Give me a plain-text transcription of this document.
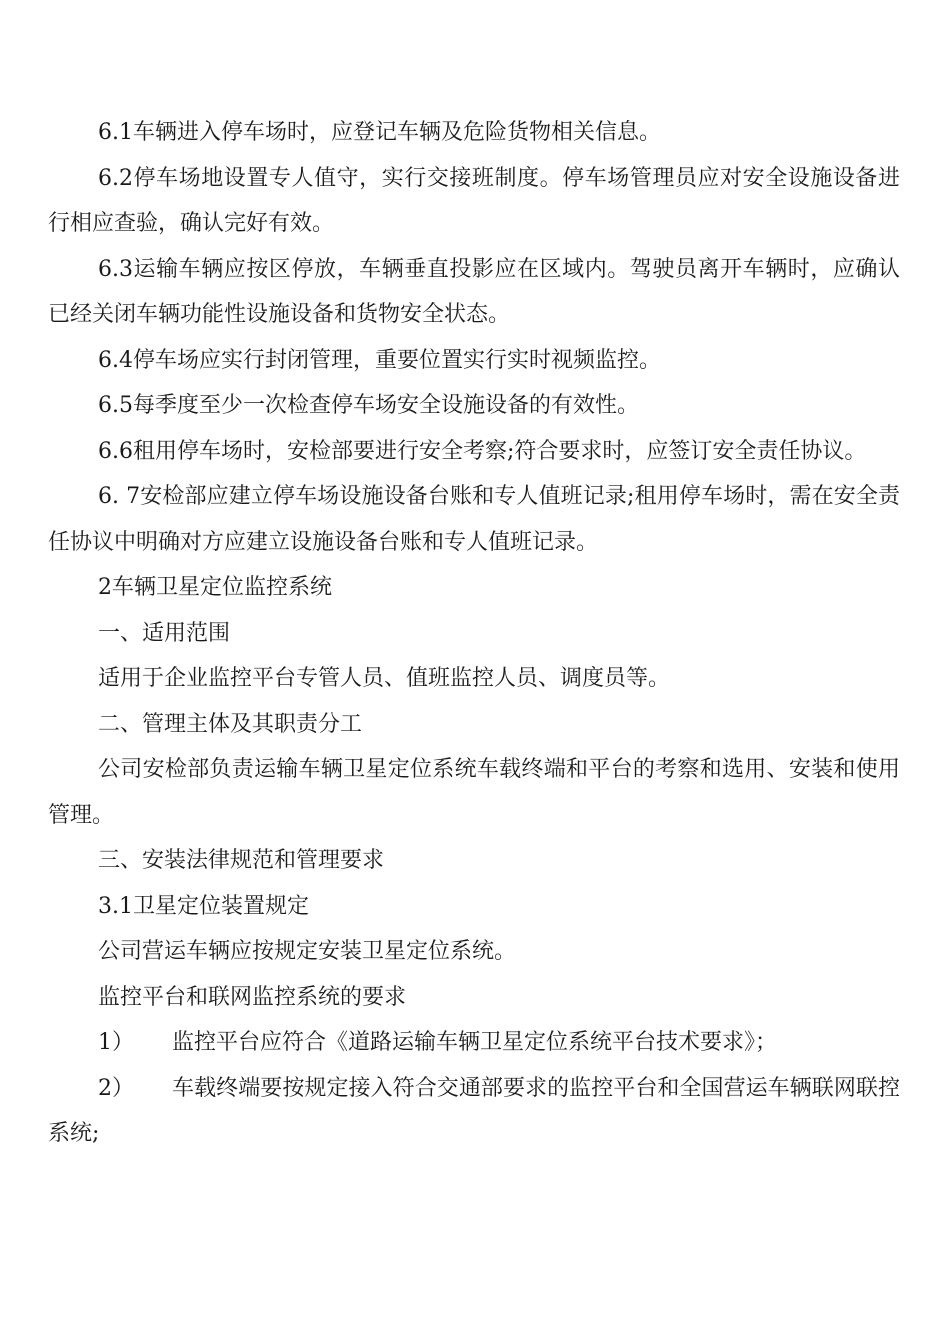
6.1车辆进入停车场时，应登记车辆及危险货物相关信息。

6.2停车场地设置专人值守，实行交接班制度。停车场管理员应对安全设施设备进行相应查验，确认完好有效。

6.3运输车辆应按区停放，车辆垂直投影应在区域内。驾驶员离开车辆时，应确认已经关闭车辆功能性设施设备和货物安全状态。

6.4停车场应实行封闭管理，重要位置实行实时视频监控。

6.5每季度至少一次检查停车场安全设施设备的有效性。

6.6租用停车场时，安检部要进行安全考察;符合要求时，应签订安全责任协议。

6. 7安检部应建立停车场设施设备台账和专人值班记录;租用停车场时，需在安全责任协议中明确对方应建立设施设备台账和专人值班记录。

2车辆卫星定位监控系统

一、适用范围

适用于企业监控平台专管人员、值班监控人员、调度员等。

二、管理主体及其职责分工

公司安检部负责运输车辆卫星定位系统车载终端和平台的考察和选用、安装和使用管理。

三、安装法律规范和管理要求

3.1卫星定位装置规定

公司营运车辆应按规定安装卫星定位系统。

监控平台和联网监控系统的要求

1） 监控平台应符合《道路运输车辆卫星定位系统平台技术要求》；

2） 车载终端要按规定接入符合交通部要求的监控平台和全国营运车辆联网联控系统;
